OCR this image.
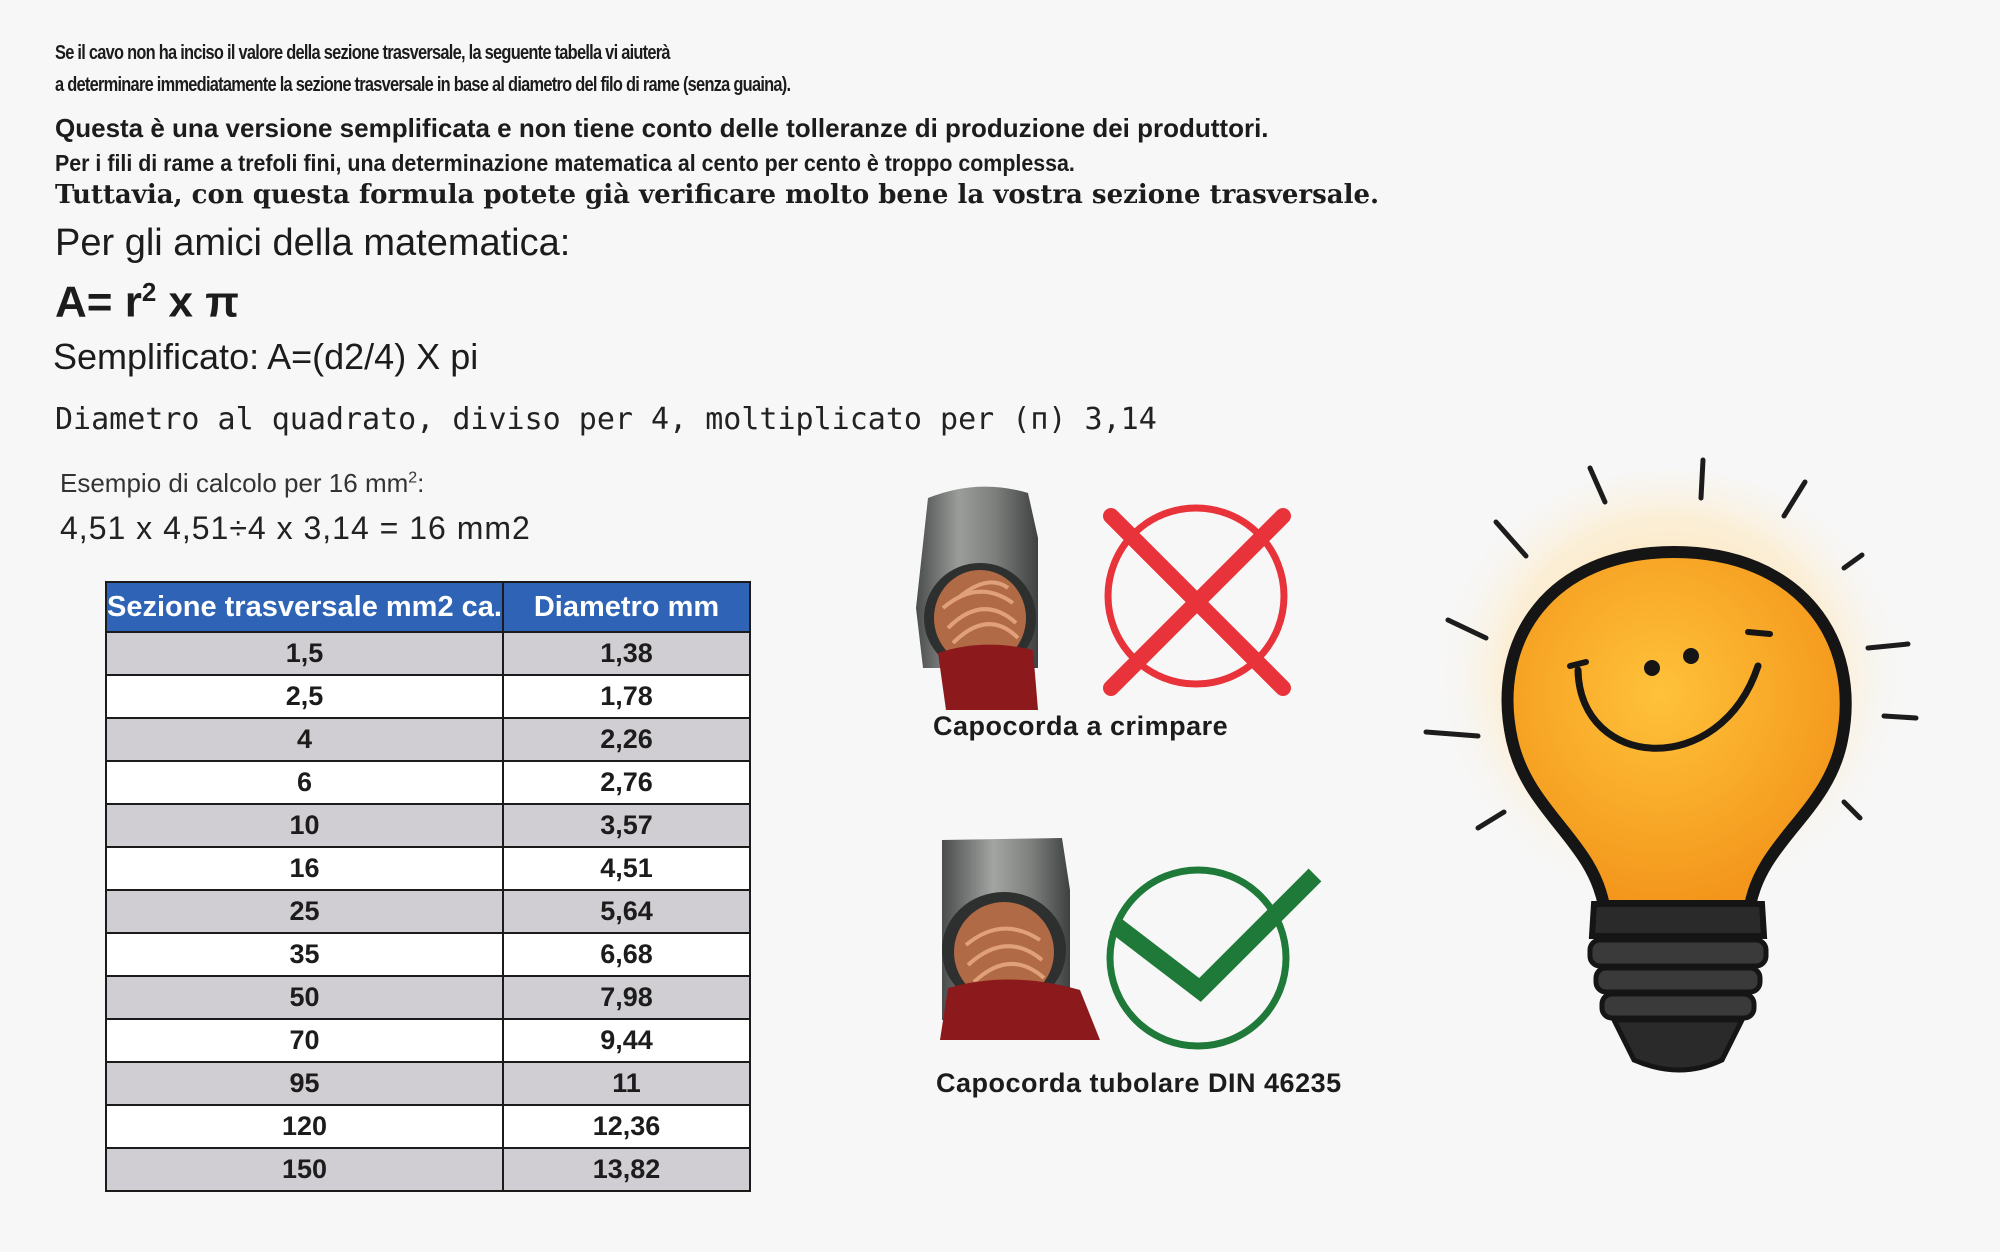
Se il cavo non ha inciso il valore della sezione trasversale, la seguente tabella vi aiuterà
a determinare immediatamente la sezione trasversale in base al diametro del filo di rame (senza guaina).
Questa è una versione semplificata e non tiene conto delle tolleranze di produzione dei produttori.
Per i fili di rame a trefoli fini, una determinazione matematica al cento per cento è troppo complessa.
Tuttavia, con questa formula potete già verificare molto bene la vostra sezione trasversale.
Per gli amici della matematica:
$A= r^2$ x π
Semplificato: A=(d2/4) X pi
Diametro al quadrato, diviso per 4, moltiplicato per (п) 3,14
Esempio di calcolo per 16 $mm^2$:
4,51 x 4,51÷4 x 3,14 = 16 mm2
Sezione trasversale mm2 ca.	Diametro mm
1,5	1,38
2,5	1,78
4	2,26
6	2,76
10	3,57
16	4,51
25	5,64
35	6,68
50	7,98
70	9,44
95	11
120	12,36
150	13,82
Capocorda a crimpare
Capocorda tubolare DIN 46235
